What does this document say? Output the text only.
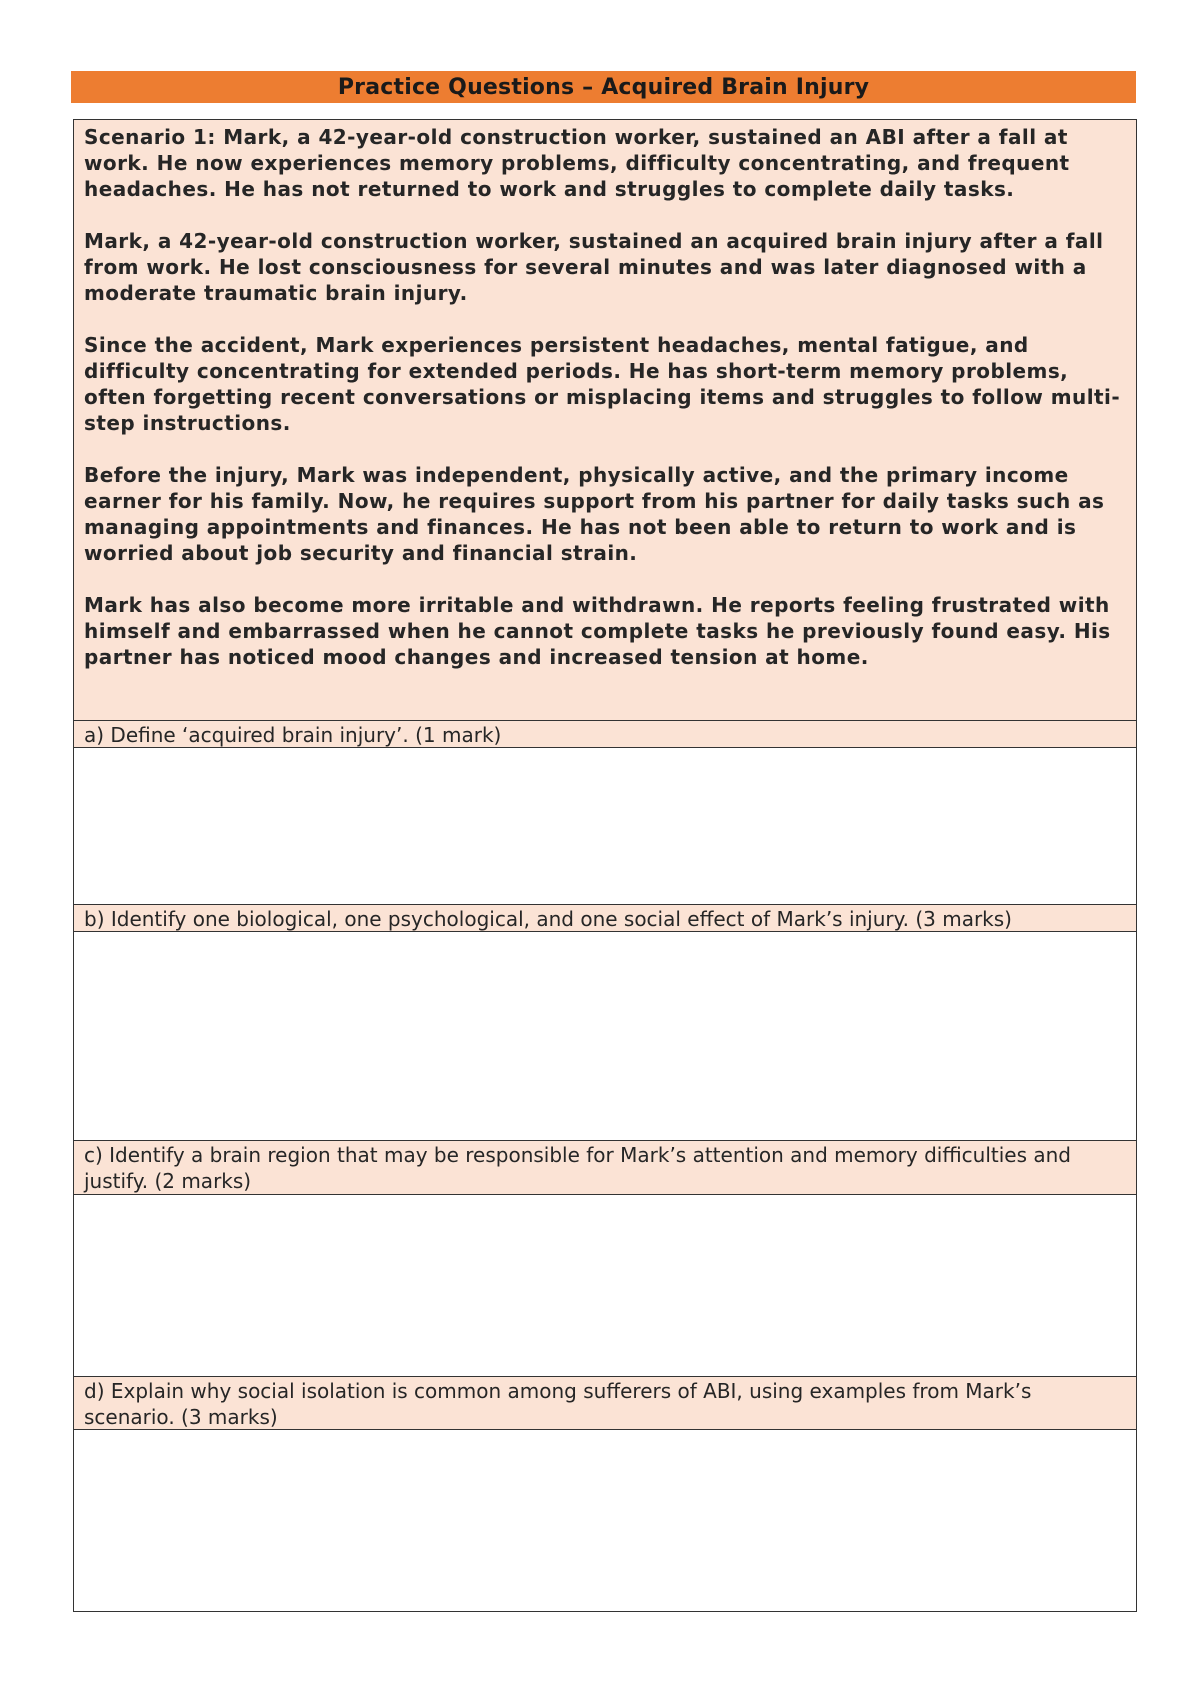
Practice Questions – Acquired Brain Injury

Scenario 1: Mark, a 42-year-old construction worker, sustained an ABI after a fall at work. He now experiences memory problems, difficulty concentrating, and frequent headaches. He has not returned to work and struggles to complete daily tasks.

Mark, a 42-year-old construction worker, sustained an acquired brain injury after a fall from work. He lost consciousness for several minutes and was later diagnosed with a moderate traumatic brain injury.

Since the accident, Mark experiences persistent headaches, mental fatigue, and difficulty concentrating for extended periods. He has short-term memory problems, often forgetting recent conversations or misplacing items and struggles to follow multi-step instructions.

Before the injury, Mark was independent, physically active, and the primary income earner for his family. Now, he requires support from his partner for daily tasks such as managing appointments and finances. He has not been able to return to work and is worried about job security and financial strain.

Mark has also become more irritable and withdrawn. He reports feeling frustrated with himself and embarrassed when he cannot complete tasks he previously found easy. His partner has noticed mood changes and increased tension at home.

a) Define ‘acquired brain injury’. (1 mark)
b) Identify one biological, one psychological, and one social effect of Mark’s injury. (3 marks)
c) Identify a brain region that may be responsible for Mark’s attention and memory difficulties and justify. (2 marks)
d) Explain why social isolation is common among sufferers of ABI, using examples from Mark’s scenario. (3 marks)
